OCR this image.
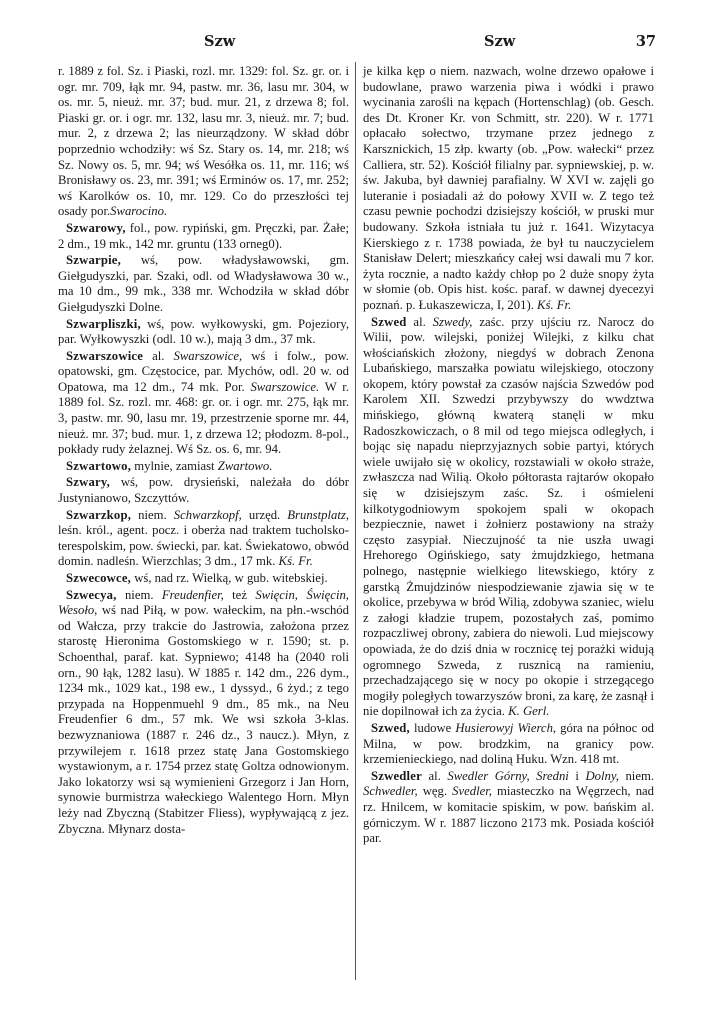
Szw	Szw	37

r. 1889 z fol. Sz. i Piaski, rozl. mr. 1329: fol. Sz. gr. or. i ogr. mr. 709, łąk mr. 94, pastw. mr. 36, lasu mr. 304, w os. mr. 5, nieuż. mr. 37; bud. mur. 21, z drzewa 8; fol. Piaski gr. or. i ogr. mr. 132, lasu mr. 3, nieuż. mr. 7; bud. mur. 2, z drzewa 2; las nieurządzony. W skład dóbr poprzednio wchodziły: wś Sz. Stary os. 14, mr. 218; wś Sz. Nowy os. 5, mr. 94; wś Wesółka os. 11, mr. 116; wś Bronisławy os. 23, mr. 391; wś Erminów os. 17, mr. 252; wś Karolków os. 10, mr. 129. Co do przeszłości tej osady por.Swarocino.

Szwarowy, fol., pow. rypiński, gm. Pręczki, par. Żałe; 2 dm., 19 mk., 142 mr. gruntu (133 orneg0).

Szwarpie, wś, pow. władysławowski, gm. Giełgudyszki, par. Szaki, odl. od Władysławowa 30 w., ma 10 dm., 99 mk., 338 mr. Wchodziła w skład dóbr Giełgudyszki Dolne.

Szwarpliszki, wś, pow. wyłkowyski, gm. Pojeziory, par. Wyłkowyszki (odl. 10 w.), mają 3 dm., 37 mk.

Szwarszowice al. Swarszowice, wś i folw., pow. opatowski, gm. Częstocice, par. Mychów, odl. 20 w. od Opatowa, ma 12 dm., 74 mk. Por. Swarszowice. W r. 1889 fol. Sz. rozl. mr. 468: gr. or. i ogr. mr. 275, łąk mr. 3, pastw. mr. 90, lasu mr. 19, przestrzenie sporne mr. 44, nieuż. mr. 37; bud. mur. 1, z drzewa 12; płodozm. 8-pol., pokłady rudy żelaznej. Wś Sz. os. 6, mr. 94.

Szwartowo, mylnie, zamiast Zwartowo.

Szwary, wś, pow. drysieński, należała do dóbr Justynianowo, Szczyttów.

Szwarzkop, niem. Schwarzkopf, urzęd. Brunstplatz, leśn. król., agent. pocz. i oberża nad traktem tucholsko-terespolskim, pow. świecki, par. kat. Świekatowo, obwód domin. nadleśn. Wierzchlas; 3 dm., 17 mk. Kś. Fr.

Szwecowce, wś, nad rz. Wielką, w gub. witebskiej.

Szwecya, niem. Freudenfier, też Swięcin, Święcin, Wesoło, wś nad Piłą, w pow. wałeckim, na płn.-wschód od Wałcza, przy trakcie do Jastrowia, założona przez starostę Hieronima Gostomskiego w r. 1590; st. p. Schoenthal, paraf. kat. Sypniewo; 4148 ha (2040 roli orn., 90 łąk, 1282 lasu). W 1885 r. 142 dm., 226 dym., 1234 mk., 1029 kat., 198 ew., 1 dyssyd., 6 żyd.; z tego przypada na Hoppenmuehl 9 dm., 85 mk., na Neu Freudenfier 6 dm., 57 mk. We wsi szkoła 3-klas. bezwyznaniowa (1887 r. 246 dz., 3 naucz.). Młyn, z przywilejem r. 1618 przez statę Jana Gostomskiego wystawionym, a r. 1754 przez statę Goltza odnowionym. Jako lokatorzy wsi są wymienieni Grzegorz i Jan Horn, synowie burmistrza wałeckiego Walentego Horn. Młyn leży nad Zbyczną (Stabitzer Fliess), wypływającą z jez. Zbyczna. Młynarz dosta-

je kilka kęp o niem. nazwach, wolne drzewo opałowe i budowlane, prawo warzenia piwa i wódki i prawo wycinania zarośli na kępach (Hortenschlag) (ob. Gesch. des Dt. Kroner Kr. von Schmitt, str. 220). W r. 1771 opłacało sołectwo, trzymane przez jednego z Karsznickich, 15 złp. kwarty (ob. „Pow. wałecki“ przez Calliera, str. 52). Kościół filialny par. sypniewskiej, p. w. św. Jakuba, był dawniej parafialny. W XVI w. zajęli go luteranie i posiadali aż do połowy XVII w. Z tego też czasu pewnie pochodzi dzisiejszy kościół, w pruski mur budowany. Szkoła istniała tu już r. 1641. Wizytacya Kierskiego z r. 1738 powiada, że był tu nauczycielem Stanisław Delert; mieszkańcy całej wsi dawali mu 7 kor. żyta rocznie, a nadto każdy chłop po 2 duże snopy żyta w słomie (ob. Opis hist. kośc. paraf. w dawnej dyecezyi poznań. p. Łukaszewicza, I, 201). Kś. Fr.

Szwed al. Szwedy, zaśc. przy ujściu rz. Narocz do Wilii, pow. wilejski, poniżej Wilejki, z kilku chat włościańskich złożony, niegdyś w dobrach Zenona Lubańskiego, marszałka powiatu wilejskiego, otoczony okopem, który powstał za czasów najścia Szwedów pod Karolem XII. Szwedzi przybywszy do wwdztwa mińskiego, główną kwaterą stanęli w mku Radoszkowiczach, o 8 mil od tego miejsca odległych, i bojąc się napadu nieprzyjaznych sobie partyi, których wiele uwijało się w okolicy, rozstawiali w około straże, zwłaszcza nad Wilią. Około półtorasta rajtarów okopało się w dzisiejszym zaśc. Sz. i ośmieleni kilkotygodniowym spokojem spali w okopach bezpiecznie, nawet i żołnierz postawiony na straży często zasypiał. Nieczujność ta nie uszła uwagi Hrehorego Ogińskiego, saty żmujdzkiego, hetmana polnego, następnie wielkiego litewskiego, który z garstką Żmujdzinów niespodziewanie zjawia się w te okolice, przebywa w bród Wilią, zdobywa szaniec, wielu z załogi kładzie trupem, pozostałych zaś, pomimo rozpaczliwej obrony, zabiera do niewoli. Lud miejscowy opowiada, że do dziś dnia w rocznicę tej porażki widują ogromnego Szweda, z rusznicą na ramieniu, przechadzającego się w nocy po okopie i strzegącego mogiły poległych towarzyszów broni, za karę, że zasnął i nie dopilnował ich za życia. K. Gerl.

Szwed, ludowe Husierowyj Wierch, góra na północ od Milna, w pow. brodzkim, na granicy pow. krzemienieckiego, nad doliną Huku. Wzn. 418 mt.

Szwedler al. Swedler Górny, Sredni i Dolny, niem. Schwedler, węg. Svedler, miasteczko na Węgrzech, nad rz. Hnilcem, w komitacie spiskim, w pow. bańskim al. górniczym. W r. 1887 liczono 2173 mk. Posiada kościół par.
